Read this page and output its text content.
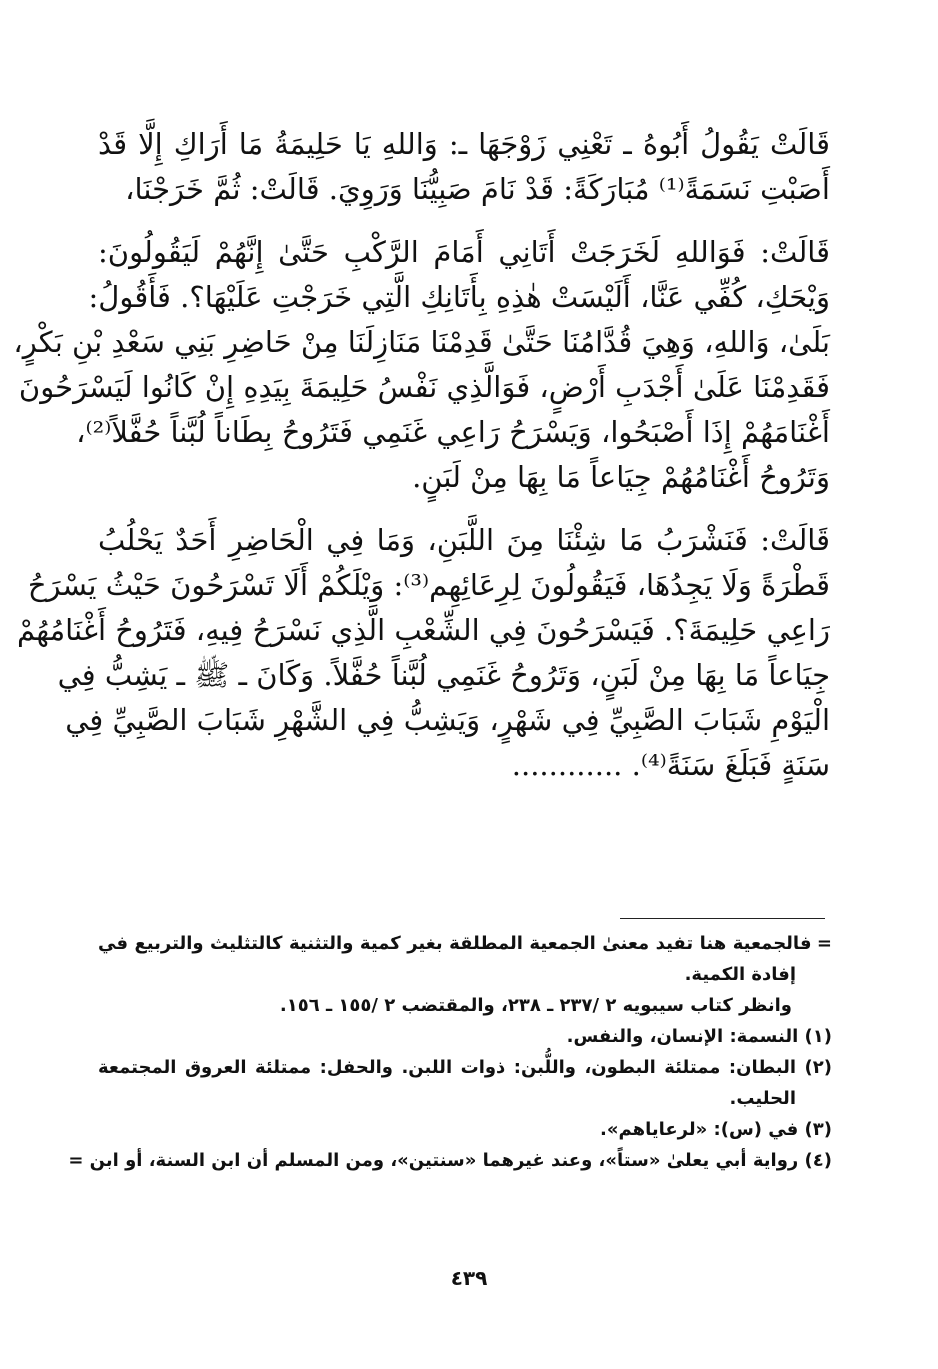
قَالَتْ يَقُولُ أَبُوهُ ـ تَعْنِي زَوْجَهَا ـ: وَاللهِ يَا حَلِيمَةُ مَا أَرَاكِ إِلَّا قَدْ
أَصَبْتِ نَسَمَةً⁽¹⁾ مُبَارَكَةً: قَدْ نَامَ صَبِيُّنَا وَرَوِيَ. قَالَتْ: ثُمَّ خَرَجْنَا،

قَالَتْ: فَوَاللهِ لَخَرَجَتْ أَتَانِي أَمَامَ الرَّكْبِ حَتَّىٰ إِنَّهُمْ لَيَقُولُونَ:
وَيْحَكِ، كُفِّي عَنَّا، أَلَيْسَتْ هٰذِهِ بِأَتَانِكِ الَّتِي خَرَجْتِ عَلَيْهَا؟. فَأَقُولُ:
بَلَىٰ، وَاللهِ، وَهِيَ قُدَّامُنَا حَتَّىٰ قَدِمْنَا مَنَازِلَنَا مِنْ حَاضِرِ بَنِي سَعْدِ بْنِ بَكْرٍ،
فَقَدِمْنَا عَلَىٰ أَجْدَبِ أَرْضٍ، فَوَالَّذِي نَفْسُ حَلِيمَةَ بِيَدِهِ إِنْ كَانُوا لَيَسْرَحُونَ
أَغْنَامَهُمْ إِذَا أَصْبَحُوا، وَيَسْرَحُ رَاعِي غَنَمِي فَتَرُوحُ بِطَاناً لُبَّناً حُفَّلاً⁽²⁾،
وَتَرُوحُ أَغْنَامُهُمْ جِيَاعاً مَا بِهَا مِنْ لَبَنٍ.

قَالَتْ: فَنَشْرَبُ مَا شِئْنَا مِنَ اللَّبَنِ، وَمَا فِي الْحَاضِرِ أَحَدٌ يَحْلُبُ
قَطْرَةً وَلَا يَجِدُهَا، فَيَقُولُونَ لِرِعَائِهِم⁽³⁾: وَيْلَكُمْ أَلَا تَسْرَحُونَ حَيْثُ يَسْرَحُ
رَاعِي حَلِيمَةَ؟. فَيَسْرَحُونَ فِي الشِّعْبِ الَّذِي نَسْرَحُ فِيهِ، فَتَرُوحُ أَغْنَامُهُمْ
جِيَاعاً مَا بِهَا مِنْ لَبَنٍ، وَتَرُوحُ غَنَمِي لُبَّناً حُفَّلاً. وَكَانَ ـ ﷺ ـ يَشِبُّ فِي
الْيَوْمِ شَبَابَ الصَّبِيِّ فِي شَهْرٍ، وَيَشِبُّ فِي الشَّهْرِ شَبَابَ الصَّبِيِّ فِي
سَنَةٍ فَبَلَغَ سَنَةً⁽⁴⁾. ............

= فالجمعية هنا تفيد معنىٰ الجمعية المطلقة بغير كمية والتثنية كالتثليث والتربيع في
إفادة الكمية.
وانظر كتاب سيبويه ٢ /٢٣٧ ـ ٢٣٨، والمقتضب ٢ /١٥٥ ـ ١٥٦.
(١) النسمة: الإنسان، والنفس.
(٢) البطان: ممتلئة البطون، واللُّبن: ذوات اللبن. والحفل: ممتلئة العروق المجتمعة
الحليب.
(٣) في (س): «لرعاياهم».
(٤) رواية أبي يعلىٰ «ستاً»، وعند غيرهما «سنتين»، ومن المسلم أن ابن السنة، أو ابن =
٤٣٩
